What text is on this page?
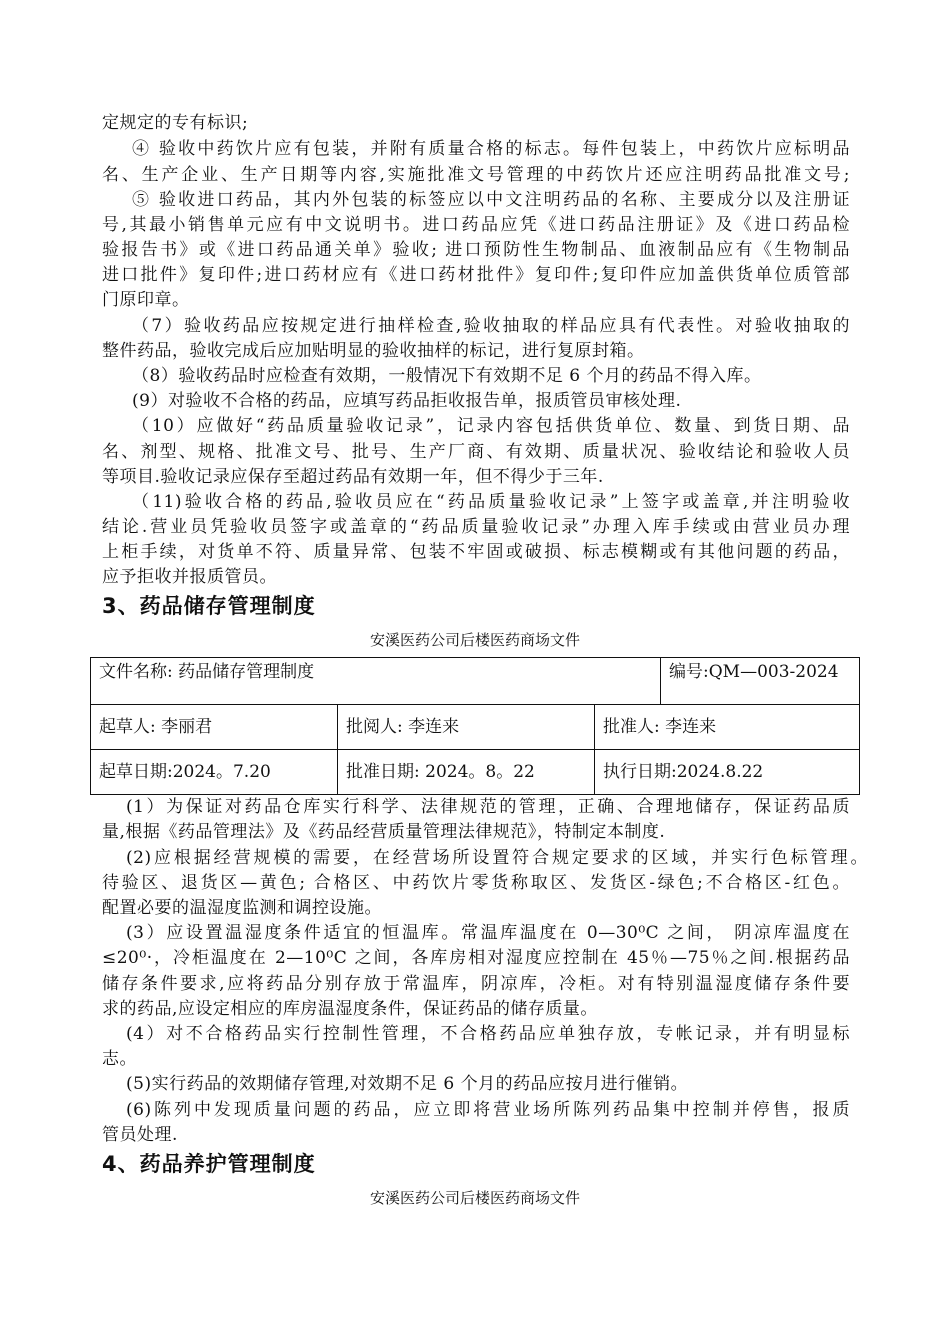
定规定的专有标识;
④ 验收中药饮片应有包装，并附有质量合格的标志。每件包装上，中药饮片应标明品
名、生产企业、生产日期等内容,实施批准文号管理的中药饮片还应注明药品批准文号;
⑤ 验收进口药品，其内外包装的标签应以中文注明药品的名称、主要成分以及注册证
号,其最小销售单元应有中文说明书。进口药品应凭《进口药品注册证》及《进口药品检
验报告书》或《进口药品通关单》验收; 进口预防性生物制品、血液制品应有《生物制品
进口批件》复印件;进口药材应有《进口药材批件》复印件;复印件应加盖供货单位质管部
门原印章。
（7）验收药品应按规定进行抽样检查,验收抽取的样品应具有代表性。对验收抽取的
整件药品，验收完成后应加贴明显的验收抽样的标记，进行复原封箱。
（8）验收药品时应检查有效期，一般情况下有效期不足 6 个月的药品不得入库。
(9）对验收不合格的药品，应填写药品拒收报告单，报质管员审核处理.
（10）应做好“药品质量验收记录”，记录内容包括供货单位、数量、到货日期、品
名、剂型、规格、批准文号、批号、生产厂商、有效期、质量状况、验收结论和验收人员
等项目.验收记录应保存至超过药品有效期一年，但不得少于三年.
（11)验收合格的药品,验收员应在“药品质量验收记录”上签字或盖章,并注明验收
结论.营业员凭验收员签字或盖章的“药品质量验收记录”办理入库手续或由营业员办理
上柜手续，对货单不符、质量异常、包装不牢固或破损、标志模糊或有其他问题的药品，
应予拒收并报质管员。
3、药品储存管理制度
安溪医药公司后楼医药商场文件
文件名称: 药品储存管理制度			编号:QM—003-2024
起草人: 李丽君	批阅人: 李连来	批准人: 李连来	
起草日期:2024。7.20	批准日期: 2024。8。22	执行日期:2024.8.22	
(1）为保证对药品仓库实行科学、法律规范的管理，正确、合理地储存，保证药品质
量,根据《药品管理法》及《药品经营质量管理法律规范》，特制定本制度.
(2)应根据经营规模的需要，在经营场所设置符合规定要求的区域，并实行色标管理。
待验区、退货区—黄色; 合格区、中药饮片零货称取区、发货区-绿色;不合格区-红色。
配置必要的温湿度监测和调控设施。
(3）应设置温湿度条件适宜的恒温库。常温库温度在 0—30⁰C 之间， 阴凉库温度在
≤20⁰·，冷柜温度在 2—10⁰C 之间，各库房相对湿度应控制在 45％—75％之间.根据药品
储存条件要求,应将药品分别存放于常温库，阴凉库，冷柜。对有特别温湿度储存条件要
求的药品,应设定相应的库房温湿度条件，保证药品的储存质量。
(4）对不合格药品实行控制性管理，不合格药品应单独存放，专帐记录，并有明显标
志。
(5)实行药品的效期储存管理,对效期不足 6 个月的药品应按月进行催销。
(6)陈列中发现质量问题的药品，应立即将营业场所陈列药品集中控制并停售，报质
管员处理.
4、药品养护管理制度
安溪医药公司后楼医药商场文件
